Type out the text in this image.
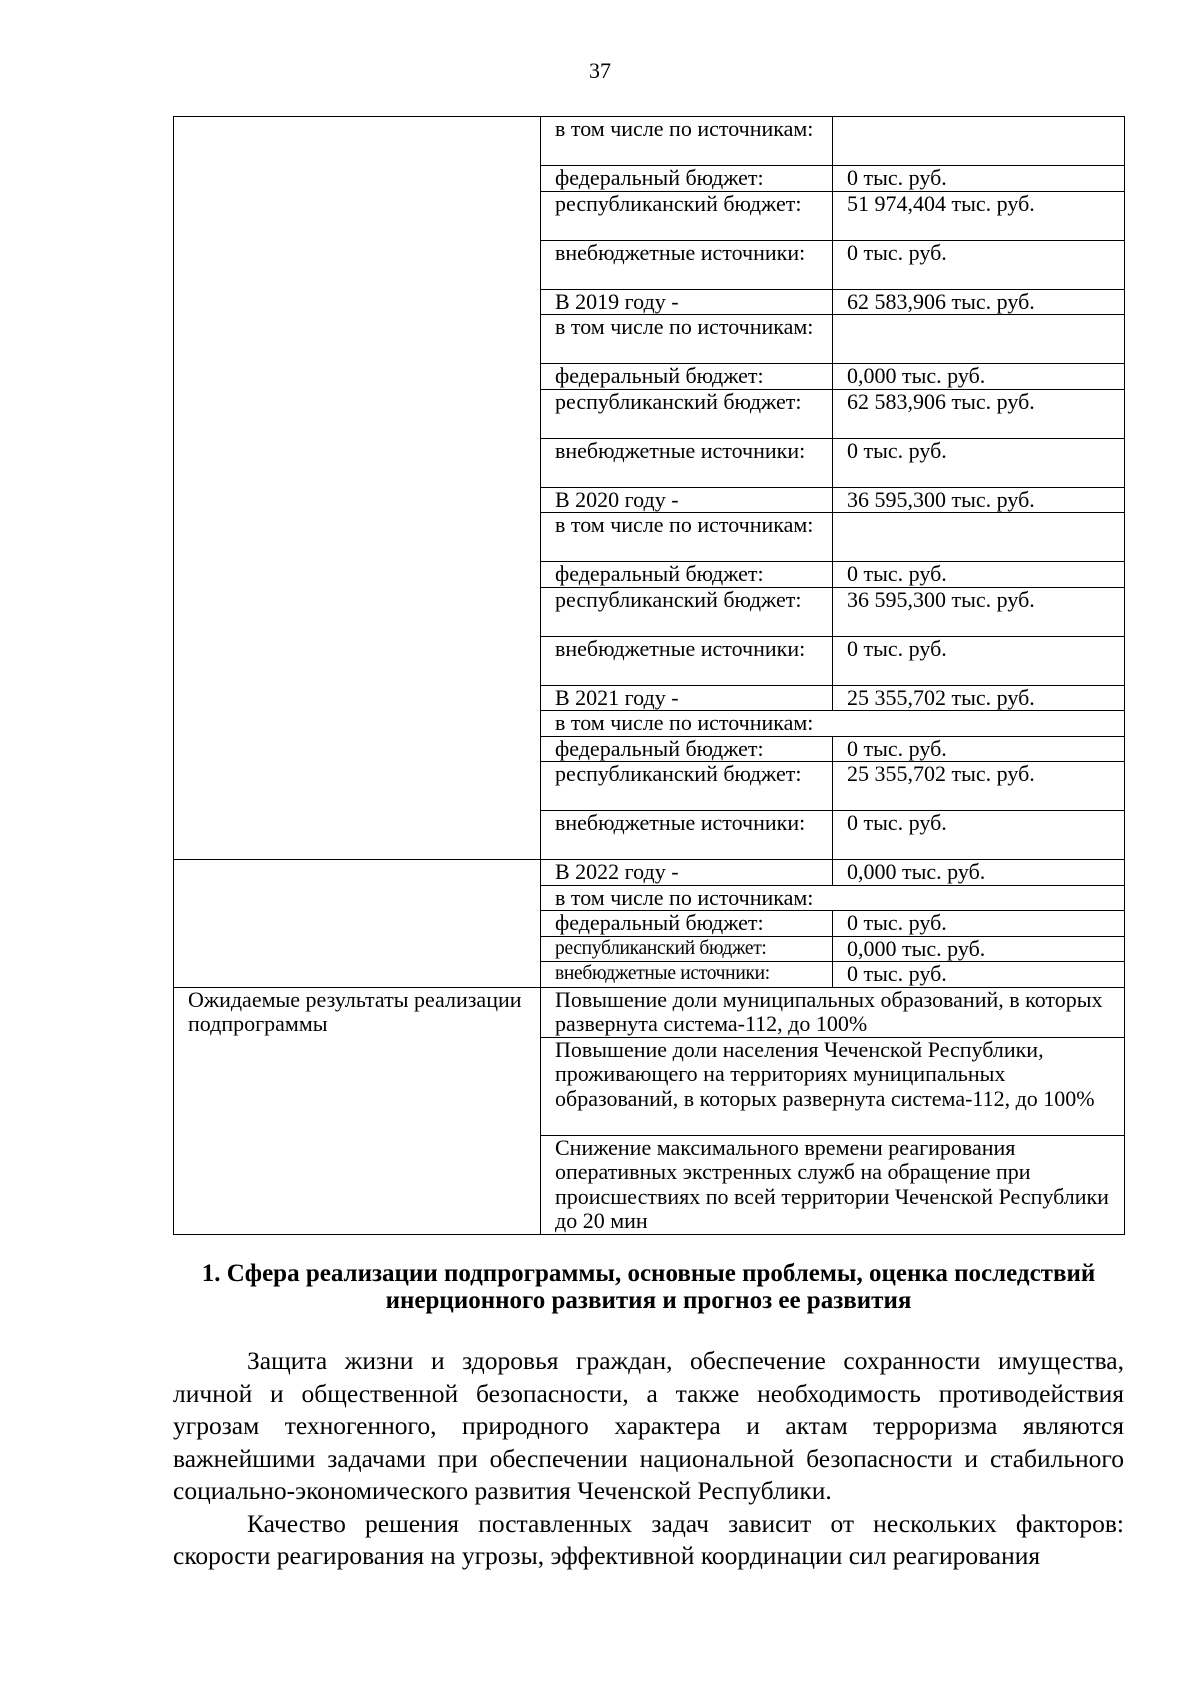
37
	в том числе по источникам:	
	федеральный бюджет:	0 тыс. руб.
	республиканский бюджет:	51 974,404 тыс. руб.
	внебюджетные источники:	0 тыс. руб.
	В 2019 году -	62 583,906 тыс. руб.
	в том числе по источникам:	
	федеральный бюджет:	0,000 тыс. руб.
	республиканский бюджет:	62 583,906 тыс. руб.
	внебюджетные источники:	0 тыс. руб.
	В 2020 году -	36 595,300 тыс. руб.
	в том числе по источникам:	
	федеральный бюджет:	0 тыс. руб.
	республиканский бюджет:	36 595,300 тыс. руб.
	внебюджетные источники:	0 тыс. руб.
	В 2021 году -	25 355,702 тыс. руб.
	в том числе по источникам:	
	федеральный бюджет:	0 тыс. руб.
	республиканский бюджет:	25 355,702 тыс. руб.
	внебюджетные источники:	0 тыс. руб.
	В 2022 году -	0,000 тыс. руб.
	в том числе по источникам:	
	федеральный бюджет:	0 тыс. руб.
	республиканский бюджет:	0,000 тыс. руб.
	внебюджетные источники:	0 тыс. руб.
Ожидаемые результаты реализации подпрограммы	Повышение доли муниципальных образований, в которых развернута система-112, до 100%	
	Повышение доли населения Чеченской Республики, проживающего на территориях муниципальных образований, в которых развернута система-112, до 100%	
	Снижение максимального времени реагирования оперативных экстренных служб на обращение при происшествиях по всей территории Чеченской Республики до 20 мин	
1. Сфера реализации подпрограммы, основные проблемы, оценка последствий инерционного развития и прогноз ее развития

Защита жизни и здоровья граждан, обеспечение сохранности имущества, личной и общественной безопасности, а также необходимость противодействия угрозам техногенного, природного характера и актам терроризма являются важнейшими задачами при обеспечении национальной безопасности и стабильного социально-экономического развития Чеченской Республики.

Качество решения поставленных задач зависит от нескольких факторов: скорости реагирования на угрозы, эффективной координации сил реагирования
